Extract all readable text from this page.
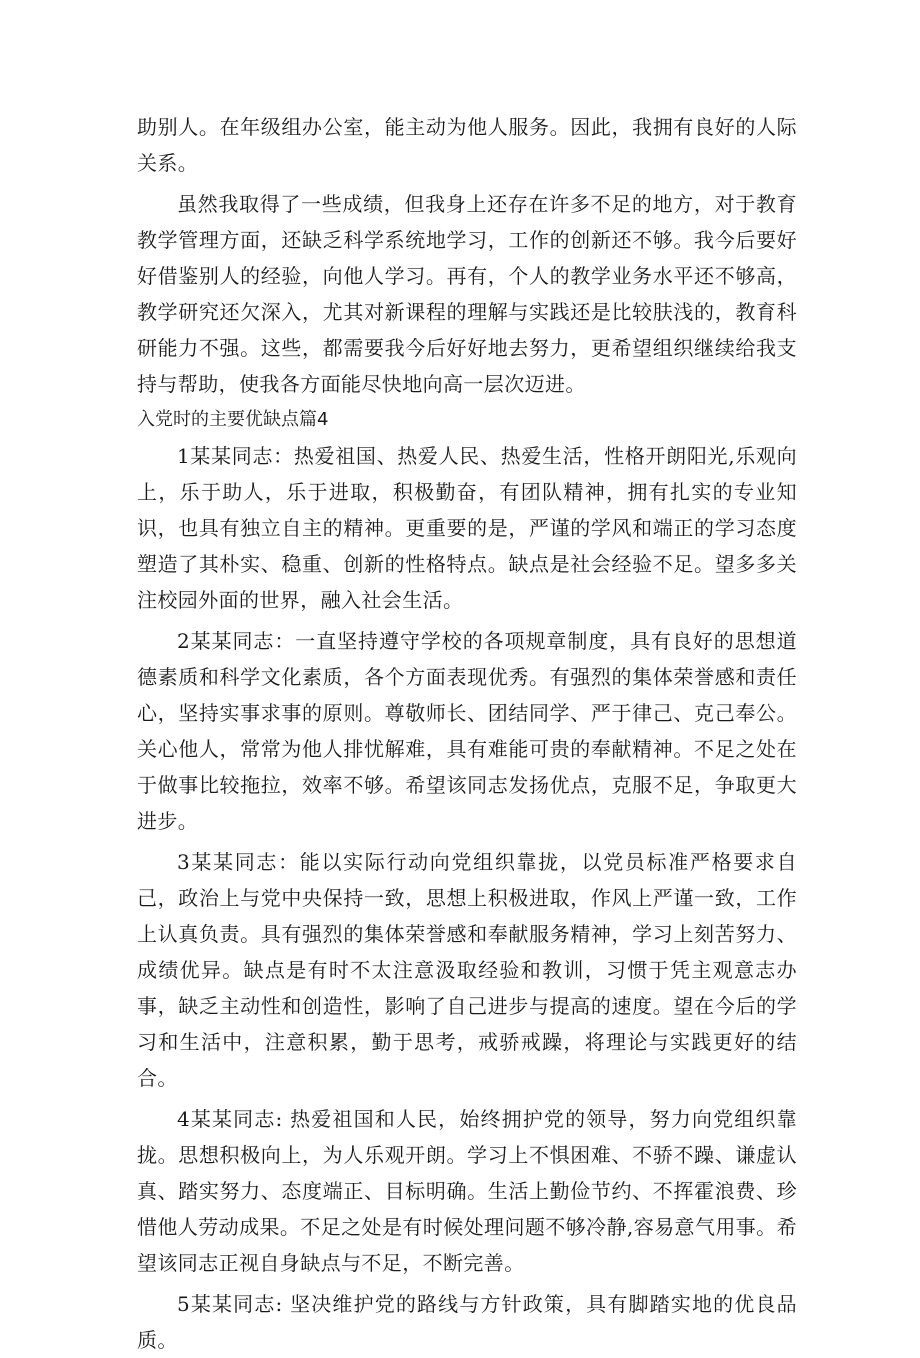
助别人。在年级组办公室，能主动为他人服务。因此，我拥有良好的人际关系。

虽然我取得了一些成绩，但我身上还存在许多不足的地方，对于教育教学管理方面，还缺乏科学系统地学习，工作的创新还不够。我今后要好好借鉴别人的经验，向他人学习。再有，个人的教学业务水平还不够高，教学研究还欠深入，尤其对新课程的理解与实践还是比较肤浅的，教育科研能力不强。这些，都需要我今后好好地去努力，更希望组织继续给我支持与帮助，使我各方面能尽快地向高一层次迈进。

入党时的主要优缺点篇4

1某某同志：热爱祖国、热爱人民、热爱生活，性格开朗阳光,乐观向上，乐于助人，乐于进取，积极勤奋，有团队精神，拥有扎实的专业知识，也具有独立自主的精神。更重要的是，严谨的学风和端正的学习态度塑造了其朴实、稳重、创新的性格特点。缺点是社会经验不足。望多多关注校园外面的世界，融入社会生活。

2某某同志：一直坚持遵守学校的各项规章制度，具有良好的思想道德素质和科学文化素质，各个方面表现优秀。有强烈的集体荣誉感和责任心，坚持实事求事的原则。尊敬师长、团结同学、严于律己、克己奉公。关心他人，常常为他人排忧解难，具有难能可贵的奉献精神。不足之处在于做事比较拖拉，效率不够。希望该同志发扬优点，克服不足，争取更大进步。

3某某同志：能以实际行动向党组织靠拢，以党员标准严格要求自己，政治上与党中央保持一致，思想上积极进取，作风上严谨一致，工作上认真负责。具有强烈的集体荣誉感和奉献服务精神，学习上刻苦努力、成绩优异。缺点是有时不太注意汲取经验和教训，习惯于凭主观意志办事，缺乏主动性和创造性，影响了自己进步与提高的速度。望在今后的学习和生活中，注意积累，勤于思考，戒骄戒躁，将理论与实践更好的结合。

4某某同志: 热爱祖国和人民，始终拥护党的领导，努力向党组织靠拢。思想积极向上，为人乐观开朗。学习上不惧困难、不骄不躁、谦虚认真、踏实努力、态度端正、目标明确。生活上勤俭节约、不挥霍浪费、珍惜他人劳动成果。不足之处是有时候处理问题不够冷静,容易意气用事。希望该同志正视自身缺点与不足，不断完善。

5某某同志: 坚决维护党的路线与方针政策，具有脚踏实地的优良品质。
